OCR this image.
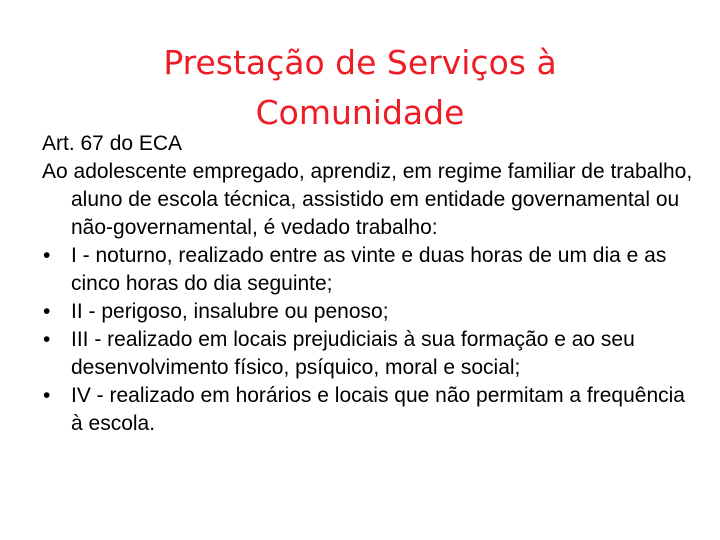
Prestação de Serviços à
Comunidade

Art. 67 do ECA

Ao adolescente empregado, aprendiz, em regime familiar de trabalho, aluno de escola técnica, assistido em entidade governamental ou não-governamental, é vedado trabalho:

• I - noturno, realizado entre as vinte e duas horas de um dia e as cinco horas do dia seguinte;
• II - perigoso, insalubre ou penoso;
• III - realizado em locais prejudiciais à sua formação e ao seu desenvolvimento físico, psíquico, moral e social;
• IV - realizado em horários e locais que não permitam a frequência à escola.
